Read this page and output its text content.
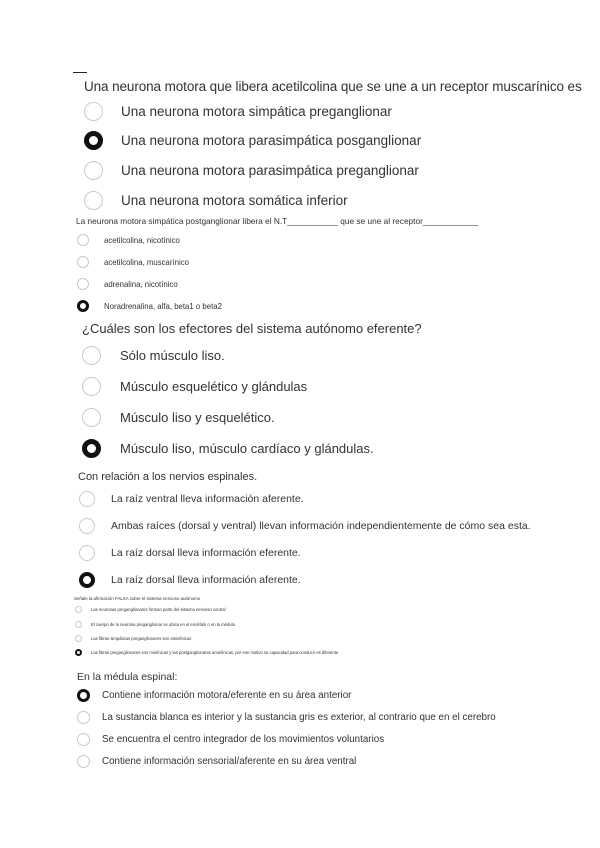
Una neurona motora que libera acetilcolina que se une a un receptor muscarínico es
Una neurona motora simpática preganglionar
Una neurona motora parasimpática posganglionar
Una neurona motora parasimpática preganglionar
Una neurona motora somática inferior
La neurona motora simpática postganglionar libera el N.T___________ que se une al receptor____________
acetilcolina, nicotínico
acetilcolina, muscarínico
adrenalina, nicotínico
Noradrenalina, alfa, beta1 o beta2
¿Cuáles son los efectores del sistema autónomo eferente?
Sólo músculo liso.
Músculo esquelético y glándulas
Músculo liso y esquelético.
Músculo liso, músculo cardíaco y glándulas.
Con relación a los nervios espinales.
La raíz ventral lleva información aferente.
Ambas raíces (dorsal y ventral) llevan información independientemente de cómo sea esta.
La raíz dorsal lleva información eferente.
La raíz dorsal lleva información aferente.
Señale la afirmación FALSA sobre el sistema nervioso autónomo
Las neuronas preganglionares forman parte del sistema nervioso central
El cuerpo de la neurona preganglionar se ubica en el encéfalo o en la médula
Las fibras simpáticas preganglionares son amielínicas
Las fibras preganglionares son mielínicas y las postganglionares amielínicas, por ese motivo su capacidad para conducir es diferente
En la médula espinal:
Contiene información motora/eferente en su área anterior
La sustancia blanca es interior y la sustancia gris es exterior, al contrario que en el cerebro
Se encuentra el centro integrador de los movimientos voluntarios
Contiene información sensorial/aferente en su área ventral
